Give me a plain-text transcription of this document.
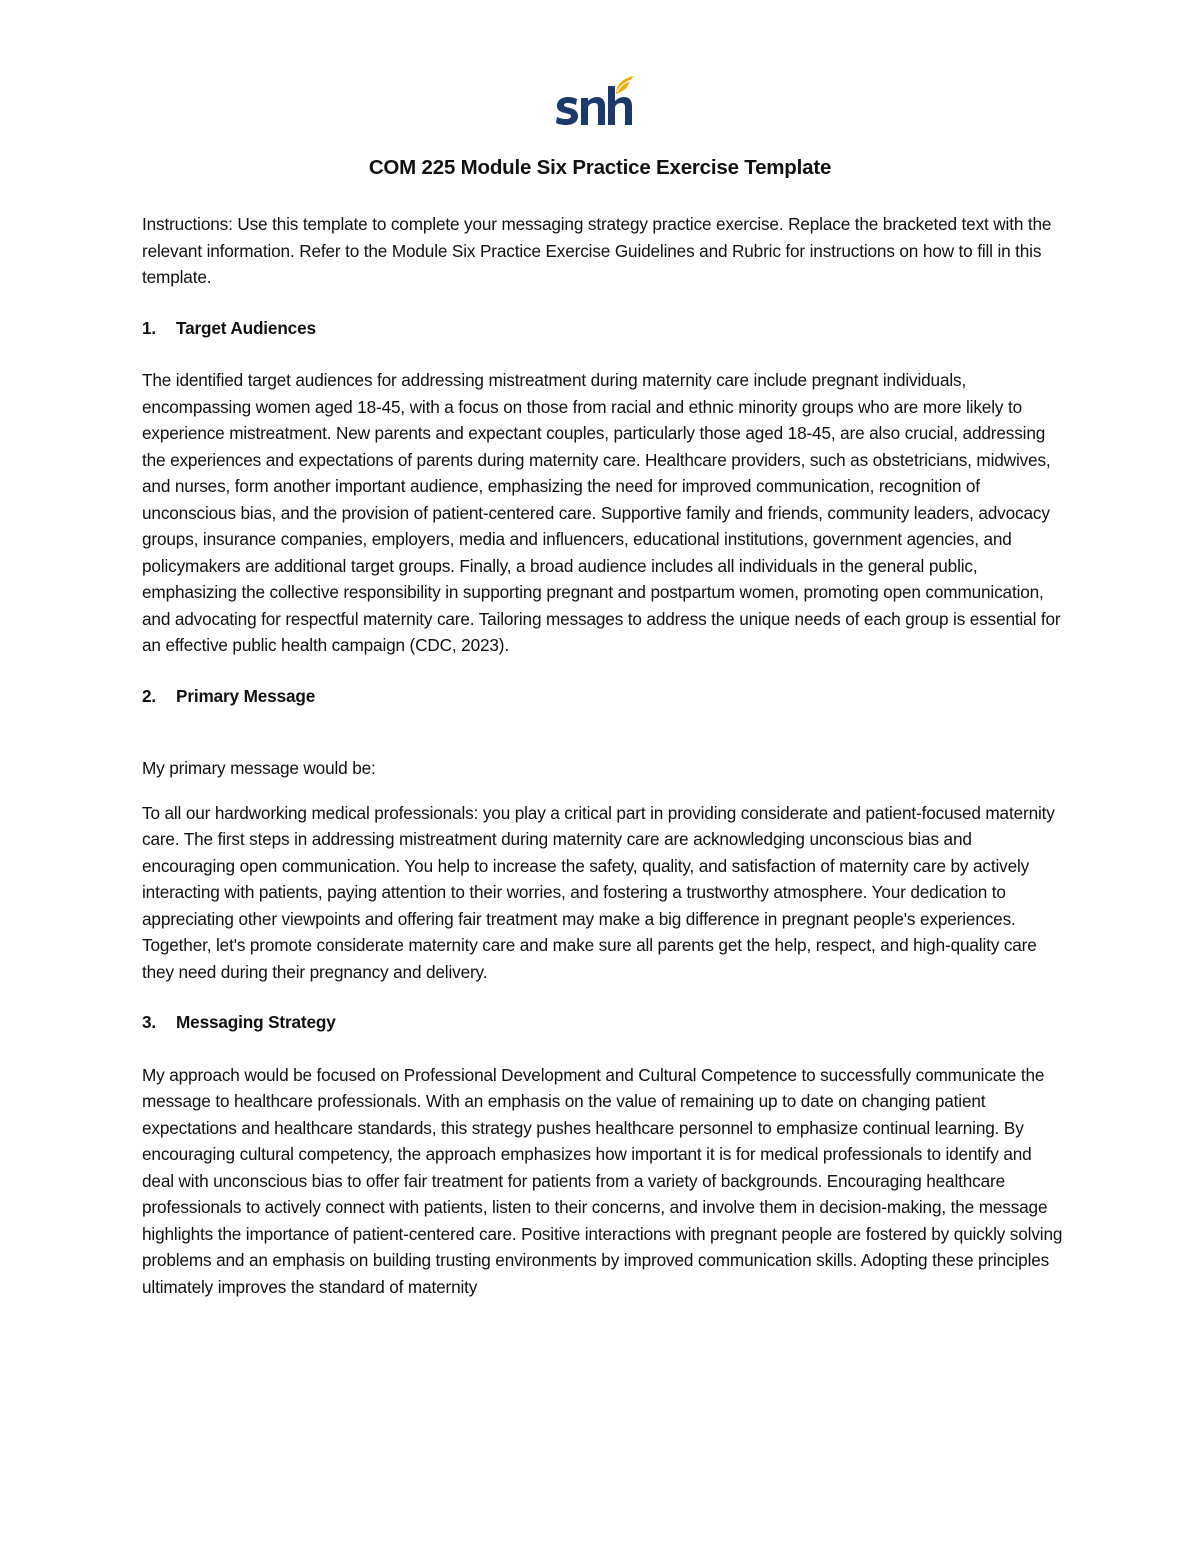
COM 225 Module Six Practice Exercise Template

Instructions: Use this template to complete your messaging strategy practice exercise. Replace the bracketed text with the relevant information. Refer to the Module Six Practice Exercise Guidelines and Rubric for instructions on how to fill in this template.

1.	Target Audiences

The identified target audiences for addressing mistreatment during maternity care include pregnant individuals, encompassing women aged 18-45, with a focus on those from racial and ethnic minority groups who are more likely to experience mistreatment. New parents and expectant couples, particularly those aged 18-45, are also crucial, addressing the experiences and expectations of parents during maternity care. Healthcare providers, such as obstetricians, midwives, and nurses, form another important audience, emphasizing the need for improved communication, recognition of unconscious bias, and the provision of patient-centered care. Supportive family and friends, community leaders, advocacy groups, insurance companies, employers, media and influencers, educational institutions, government agencies, and policymakers are additional target groups. Finally, a broad audience includes all individuals in the general public, emphasizing the collective responsibility in supporting pregnant and postpartum women, promoting open communication, and advocating for respectful maternity care. Tailoring messages to address the unique needs of each group is essential for an effective public health campaign (CDC, 2023).

2.	Primary Message

My primary message would be:

To all our hardworking medical professionals: you play a critical part in providing considerate and patient-focused maternity care. The first steps in addressing mistreatment during maternity care are acknowledging unconscious bias and encouraging open communication. You help to increase the safety, quality, and satisfaction of maternity care by actively interacting with patients, paying attention to their worries, and fostering a trustworthy atmosphere. Your dedication to appreciating other viewpoints and offering fair treatment may make a big difference in pregnant people's experiences. Together, let's promote considerate maternity care and make sure all parents get the help, respect, and high-quality care they need during their pregnancy and delivery.

3.	Messaging Strategy

My approach would be focused on Professional Development and Cultural Competence to successfully communicate the message to healthcare professionals. With an emphasis on the value of remaining up to date on changing patient expectations and healthcare standards, this strategy pushes healthcare personnel to emphasize continual learning. By encouraging cultural competency, the approach emphasizes how important it is for medical professionals to identify and deal with unconscious bias to offer fair treatment for patients from a variety of backgrounds. Encouraging healthcare professionals to actively connect with patients, listen to their concerns, and involve them in decision-making, the message highlights the importance of patient-centered care. Positive interactions with pregnant people are fostered by quickly solving problems and an emphasis on building trusting environments by improved communication skills. Adopting these principles ultimately improves the standard of maternity
